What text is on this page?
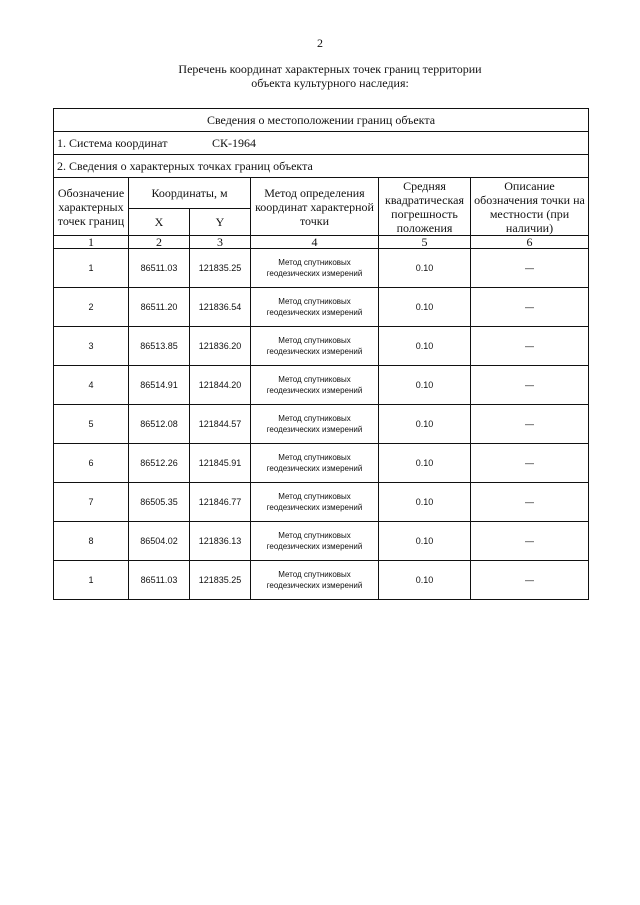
2
Перечень координат характерных точек границ территории
объекта культурного наследия:
Сведения о местоположении границ объекта					
1. Система координат СК-1964					
2. Сведения о характерных точках границ объекта					
Обозначение характерных точек границ	Координаты, м		Метод определения координат характерной точки	Средняя квадратическая погрешность положения	Описание обозначения точки на местности (при наличии)
	X	Y			
1	2	3	4	5	6
1	86511.03	121835.25	Метод спутниковых геодезических измерений	0.10	—
2	86511.20	121836.54	Метод спутниковых геодезических измерений	0.10	—
3	86513.85	121836.20	Метод спутниковых геодезических измерений	0.10	—
4	86514.91	121844.20	Метод спутниковых геодезических измерений	0.10	—
5	86512.08	121844.57	Метод спутниковых геодезических измерений	0.10	—
6	86512.26	121845.91	Метод спутниковых геодезических измерений	0.10	—
7	86505.35	121846.77	Метод спутниковых геодезических измерений	0.10	—
8	86504.02	121836.13	Метод спутниковых геодезических измерений	0.10	—
1	86511.03	121835.25	Метод спутниковых геодезических измерений	0.10	—
